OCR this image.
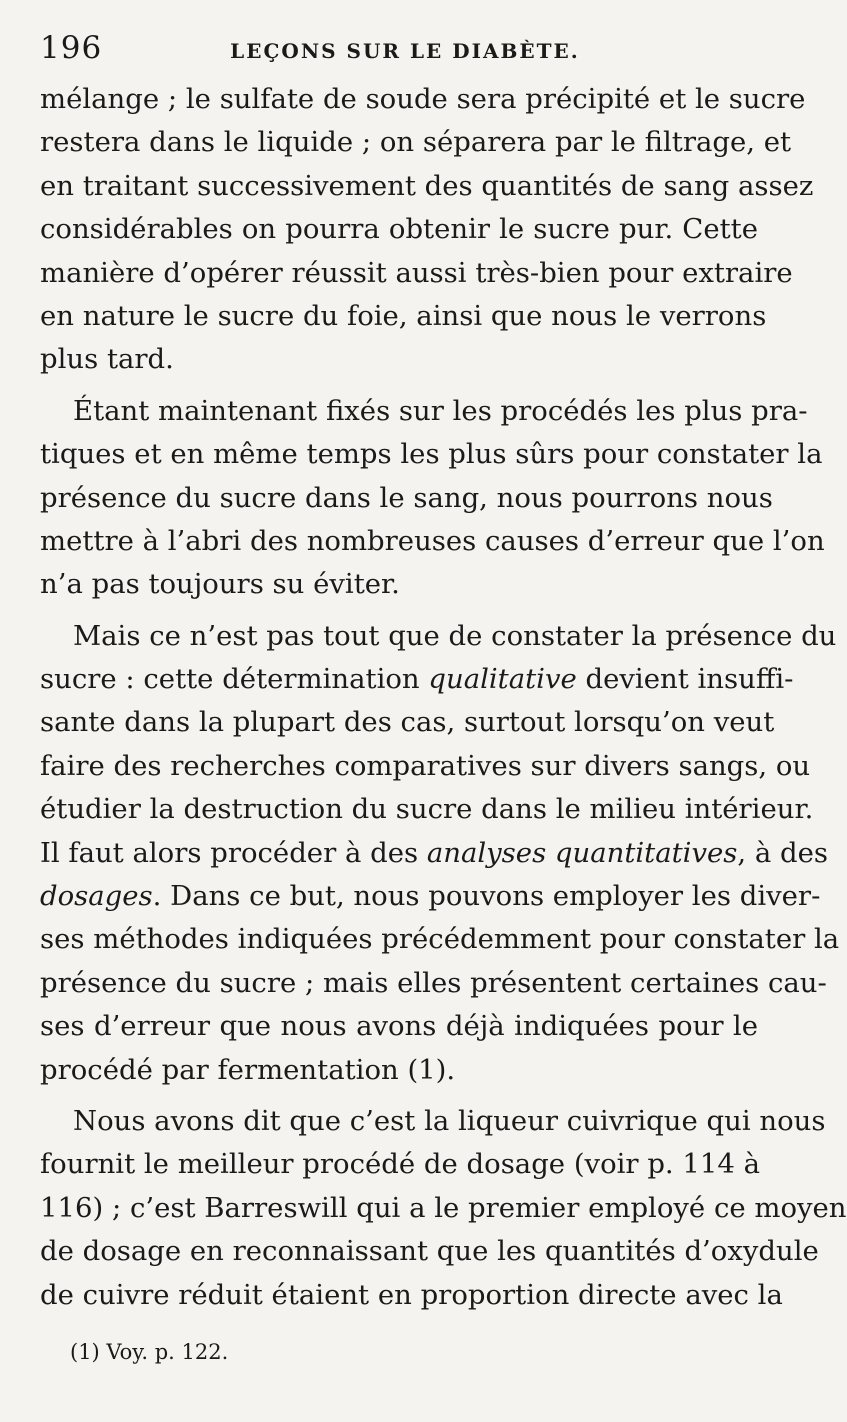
196	LEÇONS SUR LE DIABÈTE.
mélange ; le sulfate de soude sera précipité et le sucre
restera dans le liquide ; on séparera par le filtrage, et
en traitant successivement des quantités de sang assez
considérables on pourra obtenir le sucre pur. Cette
manière d’opérer réussit aussi très-bien pour extraire
en nature le sucre du foie, ainsi que nous le verrons
plus tard.
Étant maintenant fixés sur les procédés les plus pra-
tiques et en même temps les plus sûrs pour constater la
présence du sucre dans le sang, nous pourrons nous
mettre à l’abri des nombreuses causes d’erreur que l’on
n’a pas toujours su éviter.
Mais ce n’est pas tout que de constater la présence du
sucre : cette détermination qualitative devient insuffi-
sante dans la plupart des cas, surtout lorsqu’on veut
faire des recherches comparatives sur divers sangs, ou
étudier la destruction du sucre dans le milieu intérieur.
Il faut alors procéder à des analyses quantitatives, à des
dosages. Dans ce but, nous pouvons employer les diver-
ses méthodes indiquées précédemment pour constater la
présence du sucre ; mais elles présentent certaines cau-
ses d’erreur que nous avons déjà indiquées pour le
procédé par fermentation (1).
Nous avons dit que c’est la liqueur cuivrique qui nous
fournit le meilleur procédé de dosage (voir p. 114 à
116) ; c’est Barreswill qui a le premier employé ce moyen
de dosage en reconnaissant que les quantités d’oxydule
de cuivre réduit étaient en proportion directe avec la
(1) Voy. p. 122.
